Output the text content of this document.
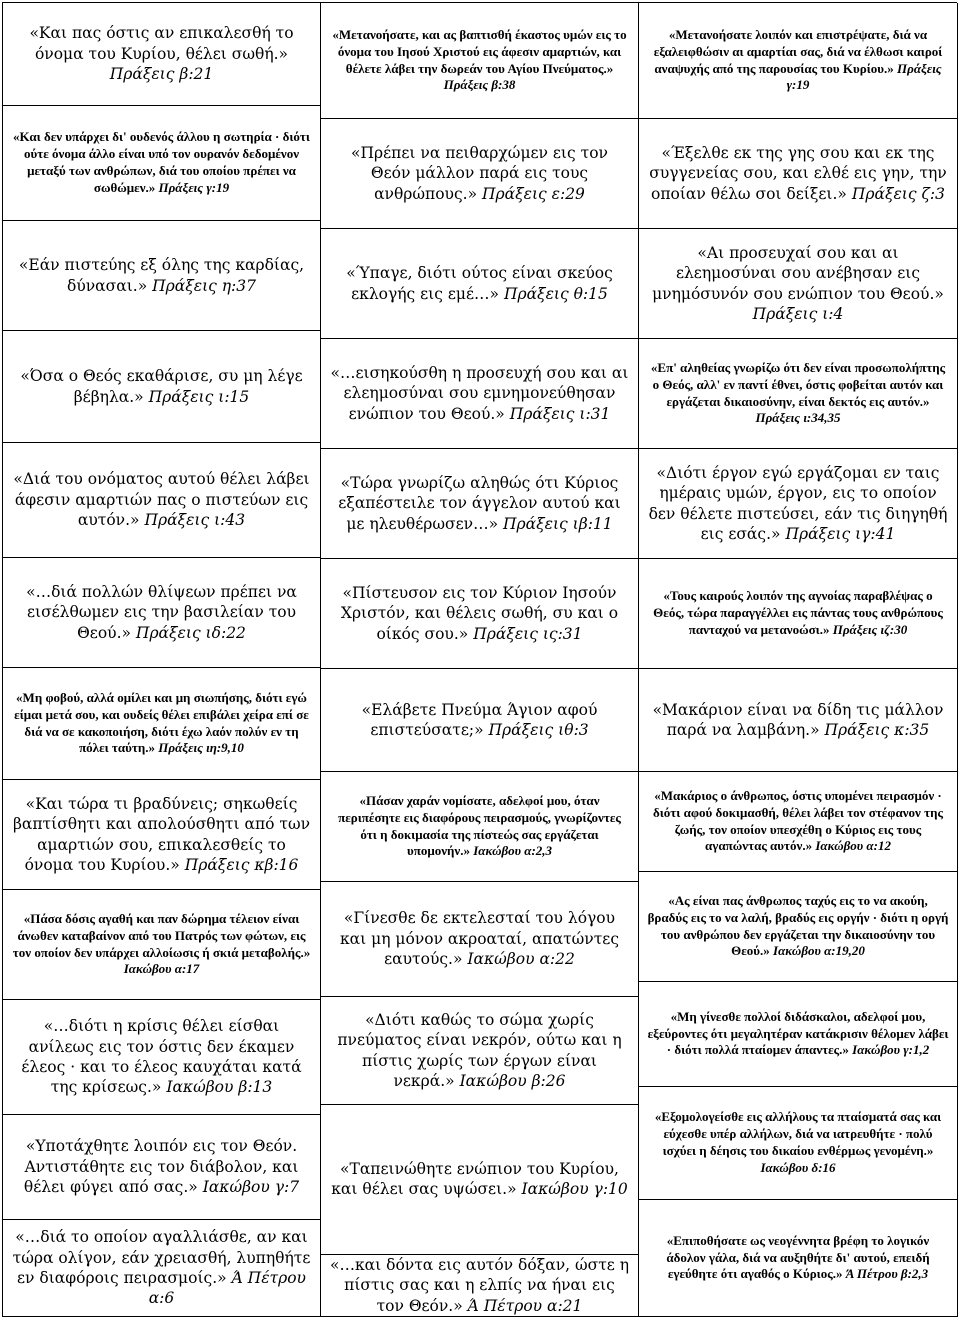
«Και πας όστις αν επικαλεσθή το όνομα του Κυρίου, θέλει σωθή.» Πράξεις β:21

«Και δεν υπάρχει δι' ουδενός άλλου η σωτηρία · διότι ούτε όνομα άλλο είναι υπό τον ουρανόν δεδομένον μεταξύ των ανθρώπων, διά του οποίου πρέπει να σωθώμεν.» Πράξεις γ:19

«Εάν πιστεύης εξ όλης της καρδίας, δύνασαι.» Πράξεις η:37

«Όσα ο Θεός εκαθάρισε, συ μη λέγε βέβηλα.» Πράξεις ι:15

«Διά του ονόματος αυτού θέλει λάβει άφεσιν αμαρτιών πας ο πιστεύων εις αυτόν.» Πράξεις ι:43

«…διά πολλών θλίψεων πρέπει να εισέλθωμεν εις την βασιλείαν του Θεού.» Πράξεις ιδ:22

«Μη φοβού, αλλά ομίλει και μη σιωπήσης, διότι εγώ είμαι μετά σου, και ουδείς θέλει επιβάλει χείρα επί σε διά να σε κακοποιήση, διότι έχω λαόν πολύν εν τη πόλει ταύτη.» Πράξεις ιη:9,10

«Και τώρα τι βραδύνεις; σηκωθείς βαπτίσθητι και απολούσθητι από των αμαρτιών σου, επικαλεσθείς το όνομα του Κυρίου.» Πράξεις κβ:16

«Πάσα δόσις αγαθή και παν δώρημα τέλειον είναι άνωθεν καταβαίνον από του Πατρός των φώτων, εις τον οποίον δεν υπάρχει αλλοίωσις ή σκιά μεταβολής.» Ιακώβου α:17

«…διότι η κρίσις θέλει είσθαι ανίλεως εις τον όστις δεν έκαμεν έλεος · και το έλεος καυχάται κατά της κρίσεως.» Ιακώβου β:13

«Υποτάχθητε λοιπόν εις τον Θεόν. Αντιστάθητε εις τον διάβολον, και θέλει φύγει από σας.» Ιακώβου γ:7

«…διά το οποίον αγαλλιάσθε, αν και τώρα ολίγον, εάν χρειασθή, λυπηθήτε εν διαφόροις πειρασμοίς.» Ά Πέτρου α:6

«Μετανοήσατε, και ας βαπτισθή έκαστος υμών εις το όνομα του Ιησού Χριστού εις άφεσιν αμαρτιών, και θέλετε λάβει την δωρεάν του Αγίου Πνεύματος.» Πράξεις β:38

«Πρέπει να πειθαρχώμεν εις τον Θεόν μάλλον παρά εις τους ανθρώπους.» Πράξεις ε:29

«Ύπαγε, διότι ούτος είναι σκεύος εκλογής εις εμέ…» Πράξεις θ:15

«…εισηκούσθη η προσευχή σου και αι ελεημοσύναι σου εμνημονεύθησαν ενώπιον του Θεού.» Πράξεις ι:31

«Τώρα γνωρίζω αληθώς ότι Κύριος εξαπέστειλε τον άγγελον αυτού και με ηλευθέρωσεν…» Πράξεις ιβ:11

«Πίστευσον εις τον Κύριον Ιησούν Χριστόν, και θέλεις σωθή, συ και ο οίκός σου.» Πράξεις ις:31

«Ελάβετε Πνεύμα Άγιον αφού επιστεύσατε;» Πράξεις ιθ:3

«Πάσαν χαράν νομίσατε, αδελφοί μου, όταν περιπέσητε εις διαφόρους πειρασμούς, γνωρίζοντες ότι η δοκιμασία της πίστεώς σας εργάζεται υπομονήν.» Ιακώβου α:2,3

«Γίνεσθε δε εκτελεσταί του λόγου και μη μόνον ακροαταί, απατώντες εαυτούς.» Ιακώβου α:22

«Διότι καθώς το σώμα χωρίς πνεύματος είναι νεκρόν, ούτω και η πίστις χωρίς των έργων είναι νεκρά.» Ιακώβου β:26

«Ταπεινώθητε ενώπιον του Κυρίου, και θέλει σας υψώσει.» Ιακώβου γ:10

«…και δόντα εις αυτόν δόξαν, ώστε η πίστις σας και η ελπίς να ήναι εις τον Θεόν.» Ά Πέτρου α:21

«Μετανοήσατε λοιπόν και επιστρέψατε, διά να εξαλειφθώσιν αι αμαρτίαι σας, διά να έλθωσι καιροί αναψυχής από της παρουσίας του Κυρίου.» Πράξεις γ:19

«Έξελθε εκ της γης σου και εκ της συγγενείας σου, και ελθέ εις γην, την οποίαν θέλω σοι δείξει.» Πράξεις ζ:3

«Αι προσευχαί σου και αι ελεημοσύναι σου ανέβησαν εις μνημόσυνόν σου ενώπιον του Θεού.» Πράξεις ι:4

«Επ' αληθείας γνωρίζω ότι δεν είναι προσωπολήπτης ο Θεός, αλλ' εν παντί έθνει, όστις φοβείται αυτόν και εργάζεται δικαιοσύνην, είναι δεκτός εις αυτόν.» Πράξεις ι:34,35

«Διότι έργον εγώ εργάζομαι εν ταις ημέραις υμών, έργον, εις το οποίον δεν θέλετε πιστεύσει, εάν τις διηγηθή εις εσάς.» Πράξεις ιγ:41

«Τους καιρούς λοιπόν της αγνοίας παραβλέψας ο Θεός, τώρα παραγγέλλει εις πάντας τους ανθρώπους πανταχού να μετανοώσι.» Πράξεις ιζ:30

«Μακάριον είναι να δίδη τις μάλλον παρά να λαμβάνη.» Πράξεις κ:35

«Μακάριος ο άνθρωπος, όστις υπομένει πειρασμόν · διότι αφού δοκιμασθή, θέλει λάβει τον στέφανον της ζωής, τον οποίον υπεσχέθη ο Κύριος εις τους αγαπώντας αυτόν.» Ιακώβου α:12

«Ας είναι πας άνθρωπος ταχύς εις το να ακούη, βραδύς εις το να λαλή, βραδύς εις οργήν · διότι η οργή του ανθρώπου δεν εργάζεται την δικαιοσύνην του Θεού.» Ιακώβου α:19,20

«Μη γίνεσθε πολλοί διδάσκαλοι, αδελφοί μου, εξεύροντες ότι μεγαλητέραν κατάκρισιν θέλομεν λάβει · διότι πολλά πταίομεν άπαντες.» Ιακώβου γ:1,2

«Εξομολογείσθε εις αλλήλους τα πταίσματά σας και εύχεσθε υπέρ αλλήλων, διά να ιατρευθήτε · πολύ ισχύει η δέησις του δικαίου ενθέρμως γενομένη.» Ιακώβου δ:16

«Επιποθήσατε ως νεογέννητα βρέφη το λογικόν άδολον γάλα, διά να αυξηθήτε δι' αυτού, επειδή εγεύθητε ότι αγαθός ο Κύριος.» Ά Πέτρου β:2,3
